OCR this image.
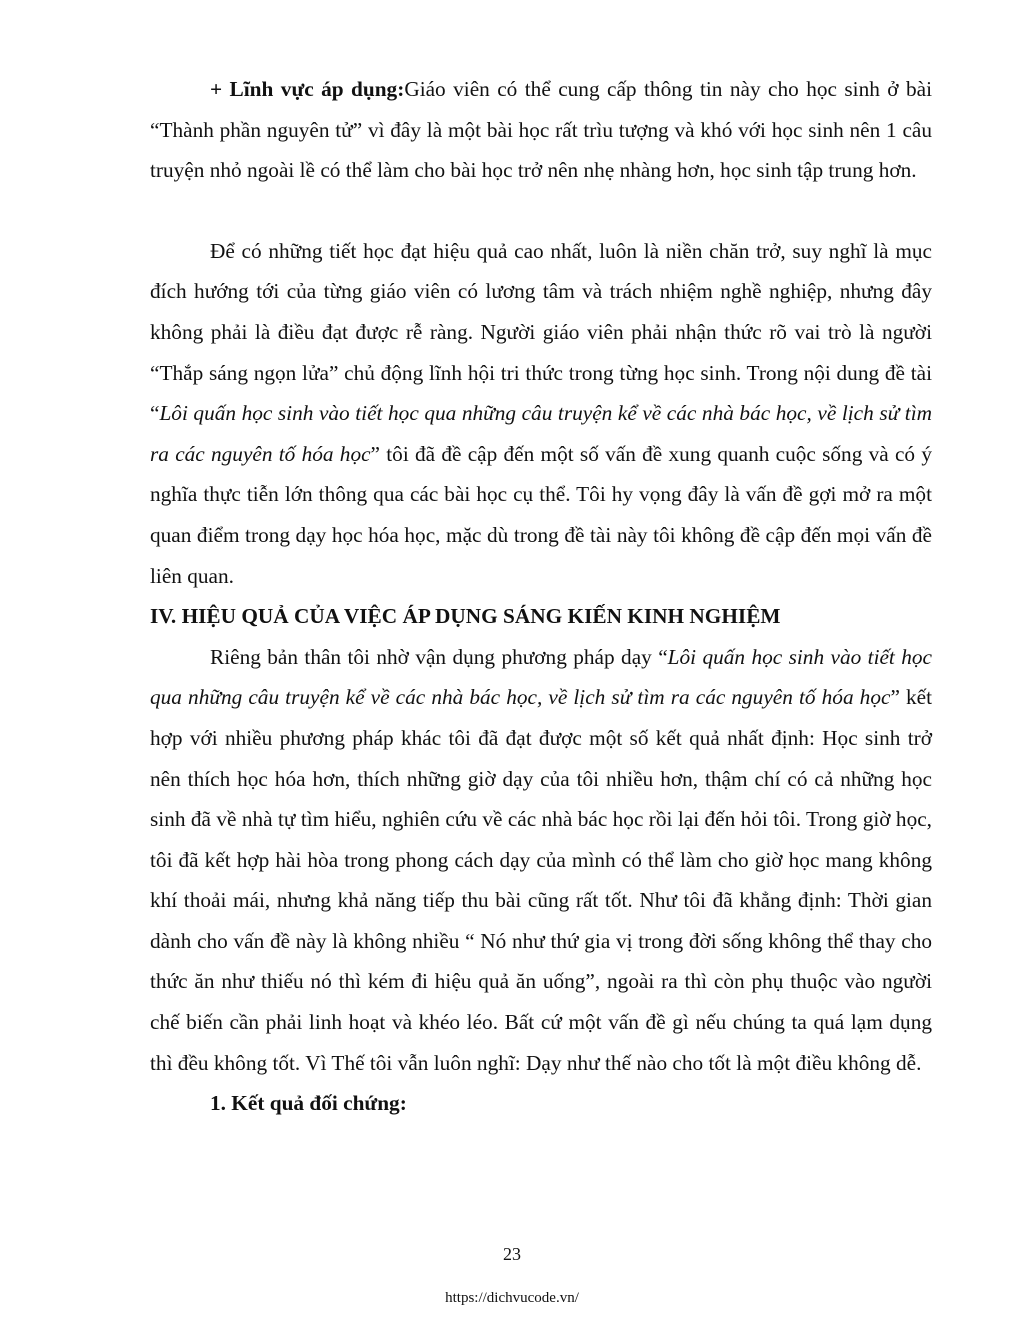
+ Lĩnh vực áp dụng:Giáo viên có thể cung cấp thông tin này cho học sinh ở bài “Thành phần nguyên tử” vì đây là một bài học rất trìu tượng và khó với học sinh nên 1 câu truyện nhỏ ngoài lề có thể làm cho bài học trở nên nhẹ nhàng hơn, học sinh tập trung hơn.

Để có những tiết học đạt hiệu quả cao nhất, luôn là niền chăn trở, suy nghĩ là mục đích hướng tới của từng giáo viên có lương tâm và trách nhiệm nghề nghiệp, nhưng đây không phải là điều đạt được rễ ràng. Người giáo viên phải nhận thức rõ vai trò là người “Thắp sáng ngọn lửa” chủ động lĩnh hội tri thức trong từng học sinh. Trong nội dung đề tài “Lôi quấn học sinh vào tiết học qua những câu truyện kể về các nhà bác học, về lịch sử tìm ra các nguyên tố hóa học” tôi đã đề cập đến một số vấn đề xung quanh cuộc sống và có ý nghĩa thực tiễn lớn thông qua các bài học cụ thể. Tôi hy vọng đây là vấn đề gợi mở ra một quan điểm trong dạy học hóa học, mặc dù trong đề tài này tôi không đề cập đến mọi vấn đề liên quan.

IV. HIỆU QUẢ CỦA VIỆC ÁP DỤNG SÁNG KIẾN KINH NGHIỆM

Riêng bản thân tôi nhờ vận dụng phương pháp dạy “Lôi quấn học sinh vào tiết học qua những câu truyện kể về các nhà bác học, về lịch sử tìm ra các nguyên tố hóa học” kết hợp với nhiều phương pháp khác tôi đã đạt được một số kết quả nhất định: Học sinh trở nên thích học hóa hơn, thích những giờ dạy của tôi nhiều hơn, thậm chí có cả những học sinh đã về nhà tự tìm hiểu, nghiên cứu về các nhà bác học rồi lại đến hỏi tôi. Trong giờ học, tôi đã kết hợp hài hòa trong phong cách dạy của mình có thể làm cho giờ học mang không khí thoải mái, nhưng khả năng tiếp thu bài cũng rất tốt. Như tôi đã khẳng định: Thời gian dành cho vấn đề này là không nhiều “ Nó như thứ gia vị trong đời sống không thể thay cho thức ăn như thiếu nó thì kém đi hiệu quả ăn uống”, ngoài ra thì còn phụ thuộc vào người chế biến cần phải linh hoạt và khéo léo. Bất cứ một vấn đề gì nếu chúng ta quá lạm dụng thì đều không tốt. Vì Thế tôi vẫn luôn nghĩ: Dạy như thế nào cho tốt là một điều không dễ.

1. Kết quả đối chứng:

23
https://dichvucode.vn/
